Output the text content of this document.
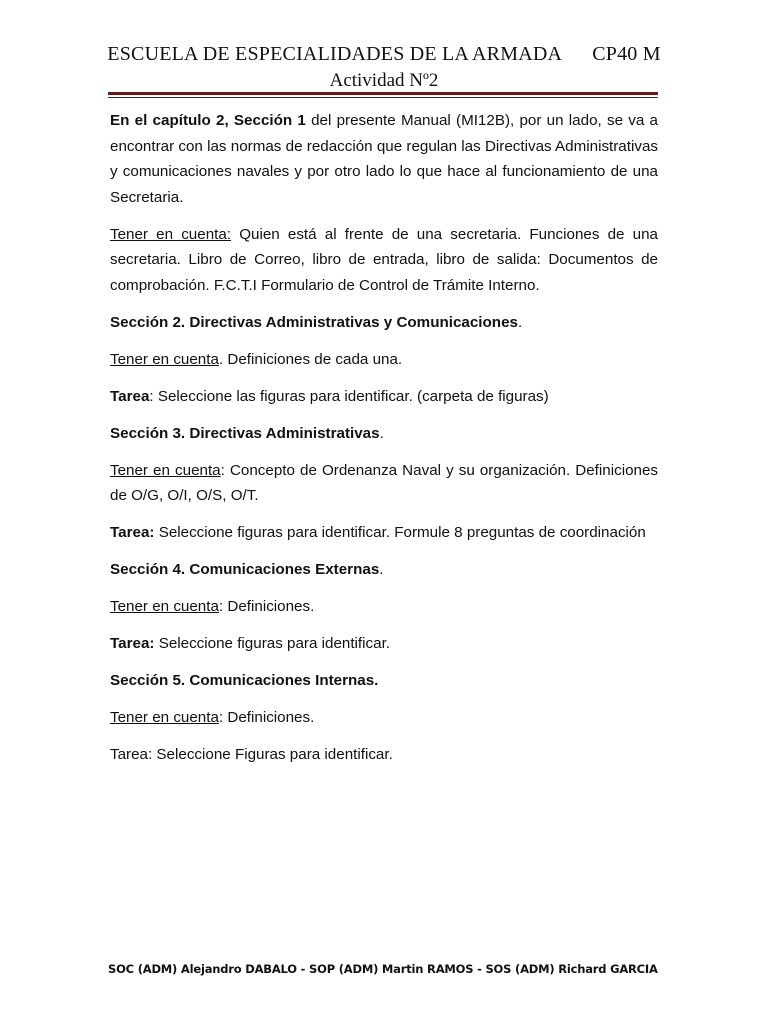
ESCUELA DE ESPECIALIDADES DE LA ARMADA CP40 M
Actividad Nº2

En el capítulo 2, Sección 1 del presente Manual (MI12B), por un lado, se va a encontrar con las normas de redacción que regulan las Directivas Administrativas y comunicaciones navales y por otro lado lo que hace al funcionamiento de una Secretaria.

Tener en cuenta: Quien está al frente de una secretaria. Funciones de una secretaria. Libro de Correo, libro de entrada, libro de salida: Documentos de comprobación. F.C.T.I Formulario de Control de Trámite Interno.

Sección 2. Directivas Administrativas y Comunicaciones.

Tener en cuenta. Definiciones de cada una.

Tarea: Seleccione las figuras para identificar. (carpeta de figuras)

Sección 3. Directivas Administrativas.

Tener en cuenta: Concepto de Ordenanza Naval y su organización. Definiciones de O/G, O/I, O/S, O/T.

Tarea: Seleccione figuras para identificar. Formule 8 preguntas de coordinación

Sección 4. Comunicaciones Externas.

Tener en cuenta: Definiciones.

Tarea: Seleccione figuras para identificar.

Sección 5. Comunicaciones Internas.

Tener en cuenta: Definiciones.

Tarea: Seleccione Figuras para identificar.

SOC (ADM) Alejandro DABALO - SOP (ADM) Martin RAMOS - SOS (ADM) Richard GARCIA
